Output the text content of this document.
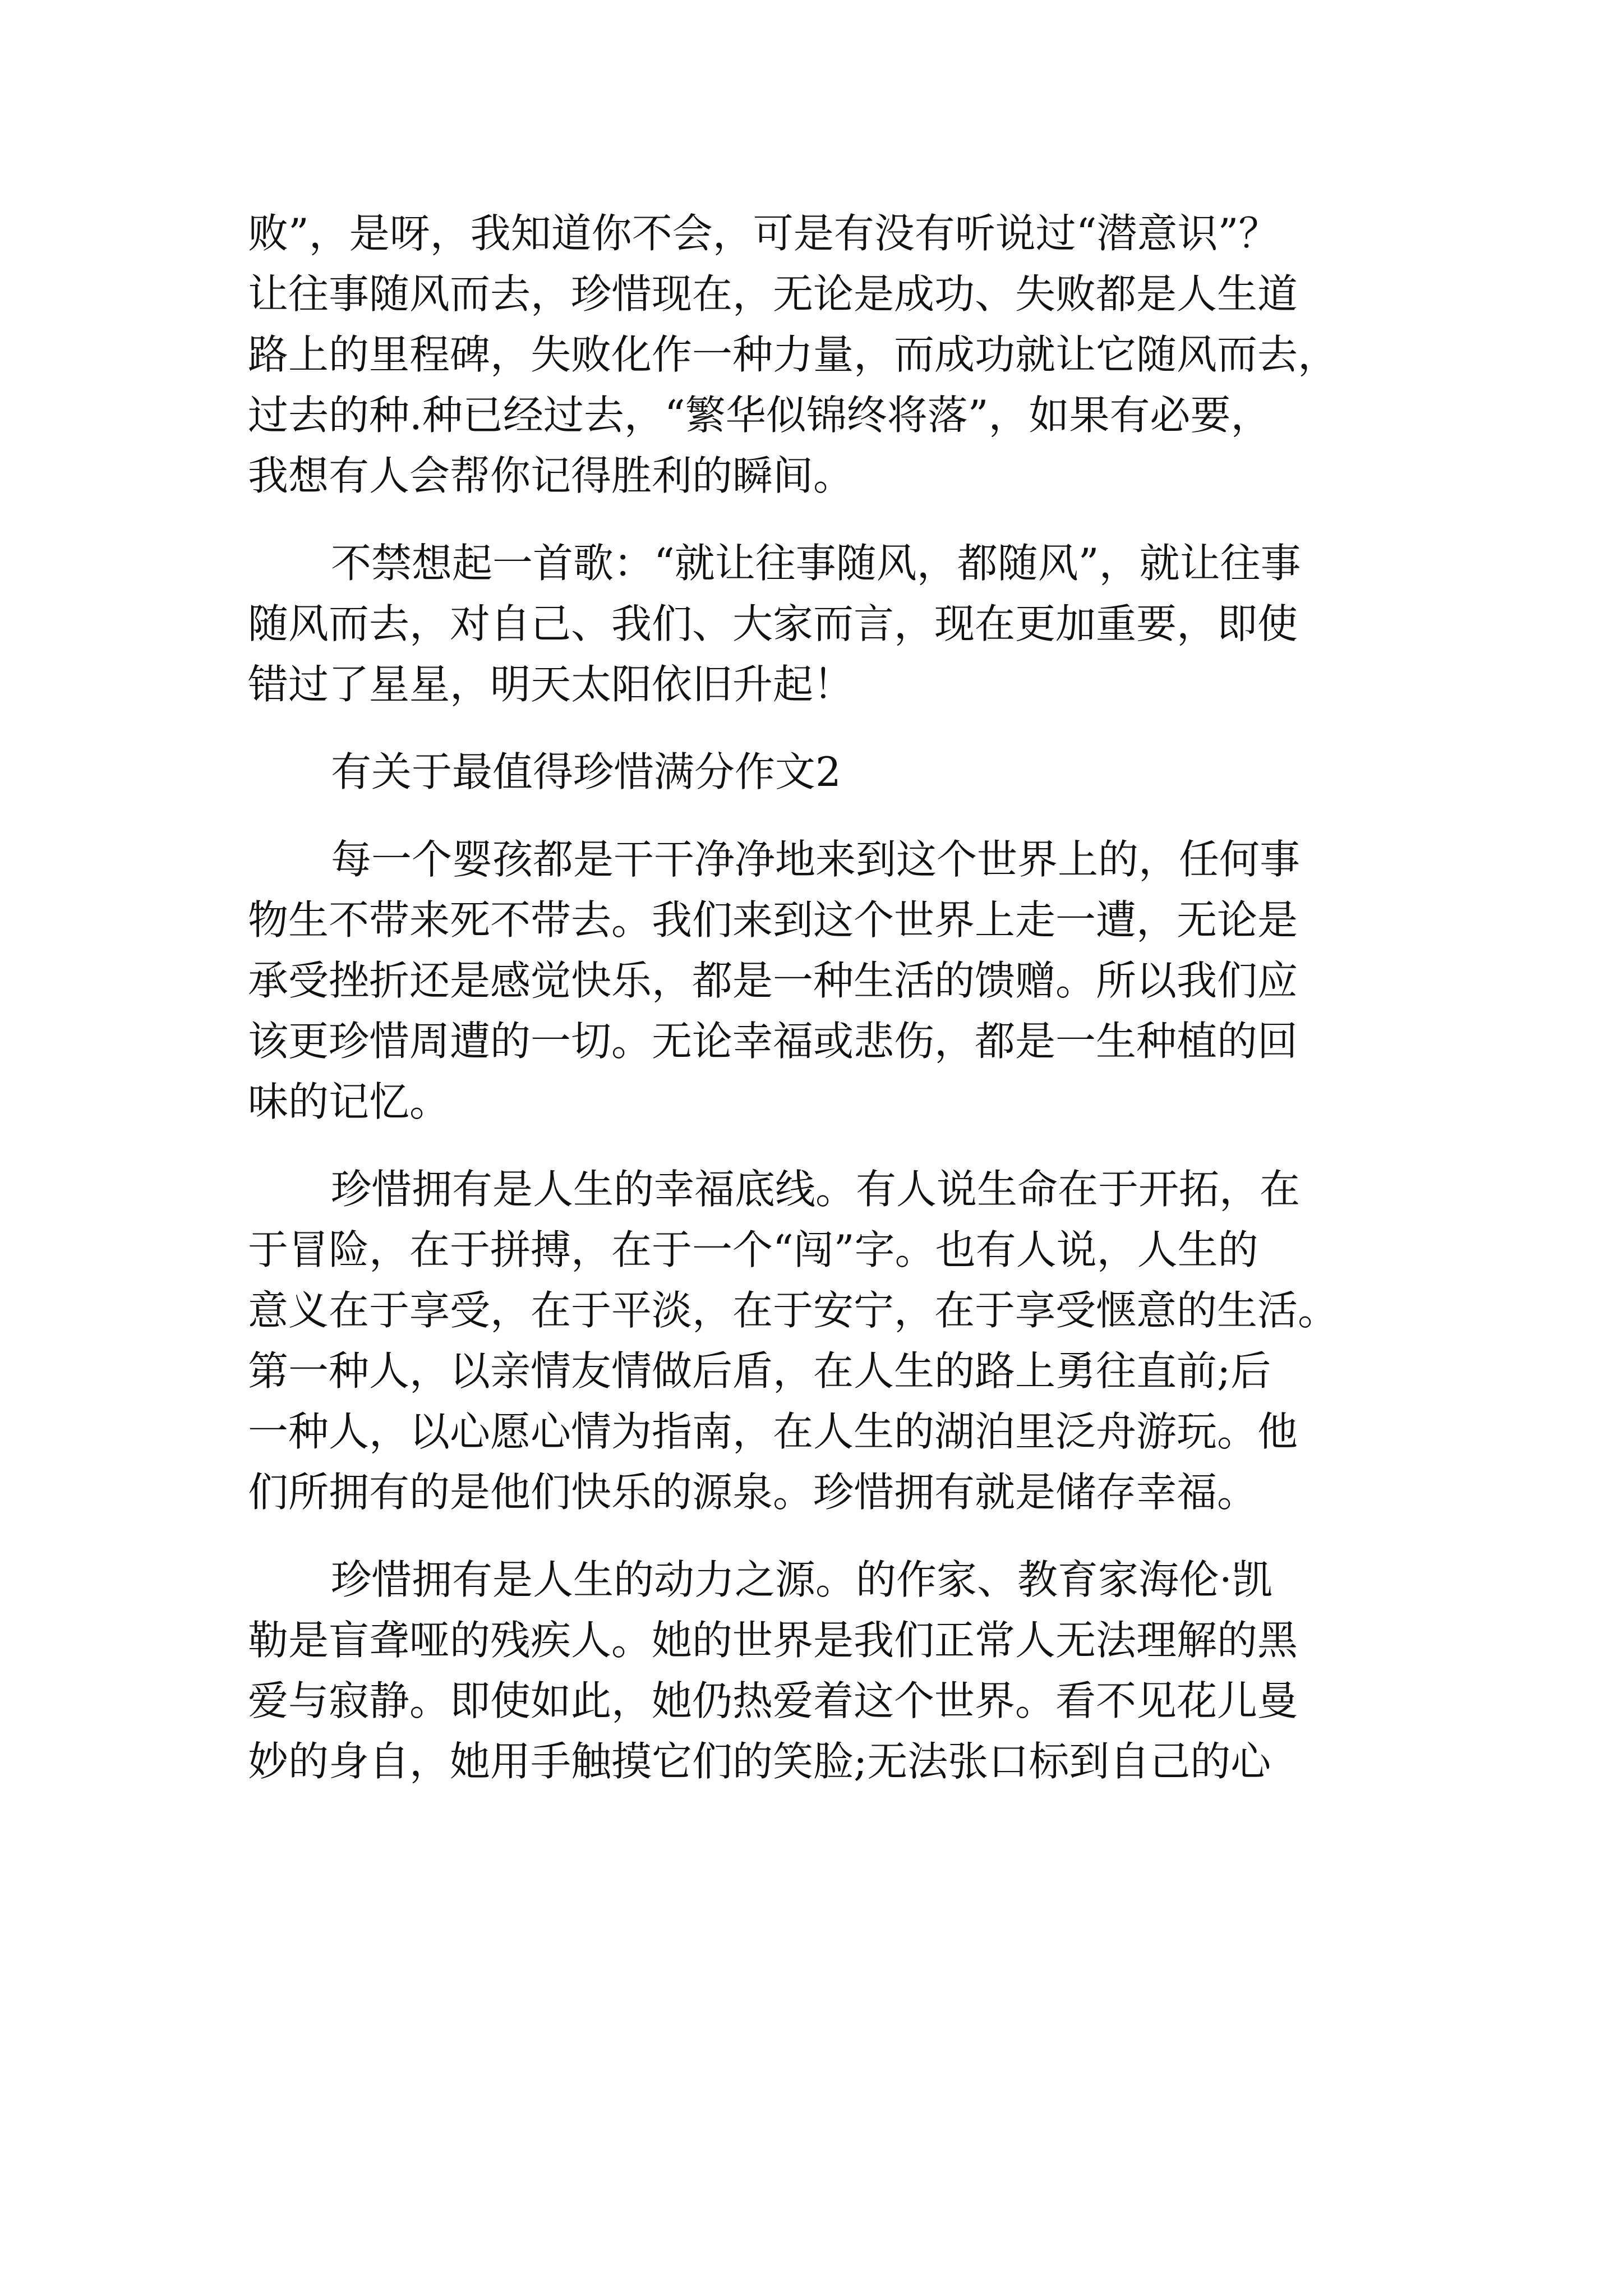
败”，是呀，我知道你不会，可是有没有听说过“潜意识”？
让往事随风而去，珍惜现在，无论是成功、失败都是人生道
路上的里程碑，失败化作一种力量，而成功就让它随风而去，
过去的种.种已经过去，“繁华似锦终将落”，如果有必要，
我想有人会帮你记得胜利的瞬间。
不禁想起一首歌：“就让往事随风，都随风”，就让往事
随风而去，对自己、我们、大家而言，现在更加重要，即使
错过了星星，明天太阳依旧升起！
有关于最值得珍惜满分作文2
每一个婴孩都是干干净净地来到这个世界上的，任何事
物生不带来死不带去。我们来到这个世界上走一遭，无论是
承受挫折还是感觉快乐，都是一种生活的馈赠。所以我们应
该更珍惜周遭的一切。无论幸福或悲伤，都是一生种植的回
味的记忆。
珍惜拥有是人生的幸福底线。有人说生命在于开拓，在
于冒险，在于拼搏，在于一个“闯”字。也有人说，人生的
意义在于享受，在于平淡，在于安宁，在于享受惬意的生活。
第一种人，以亲情友情做后盾，在人生的路上勇往直前;后
一种人，以心愿心情为指南，在人生的湖泊里泛舟游玩。他
们所拥有的是他们快乐的源泉。珍惜拥有就是储存幸福。
珍惜拥有是人生的动力之源。的作家、教育家海伦·凯
勒是盲聋哑的残疾人。她的世界是我们正常人无法理解的黑
爱与寂静。即使如此，她仍热爱着这个世界。看不见花儿曼
妙的身自，她用手触摸它们的笑脸;无法张口标到自己的心
